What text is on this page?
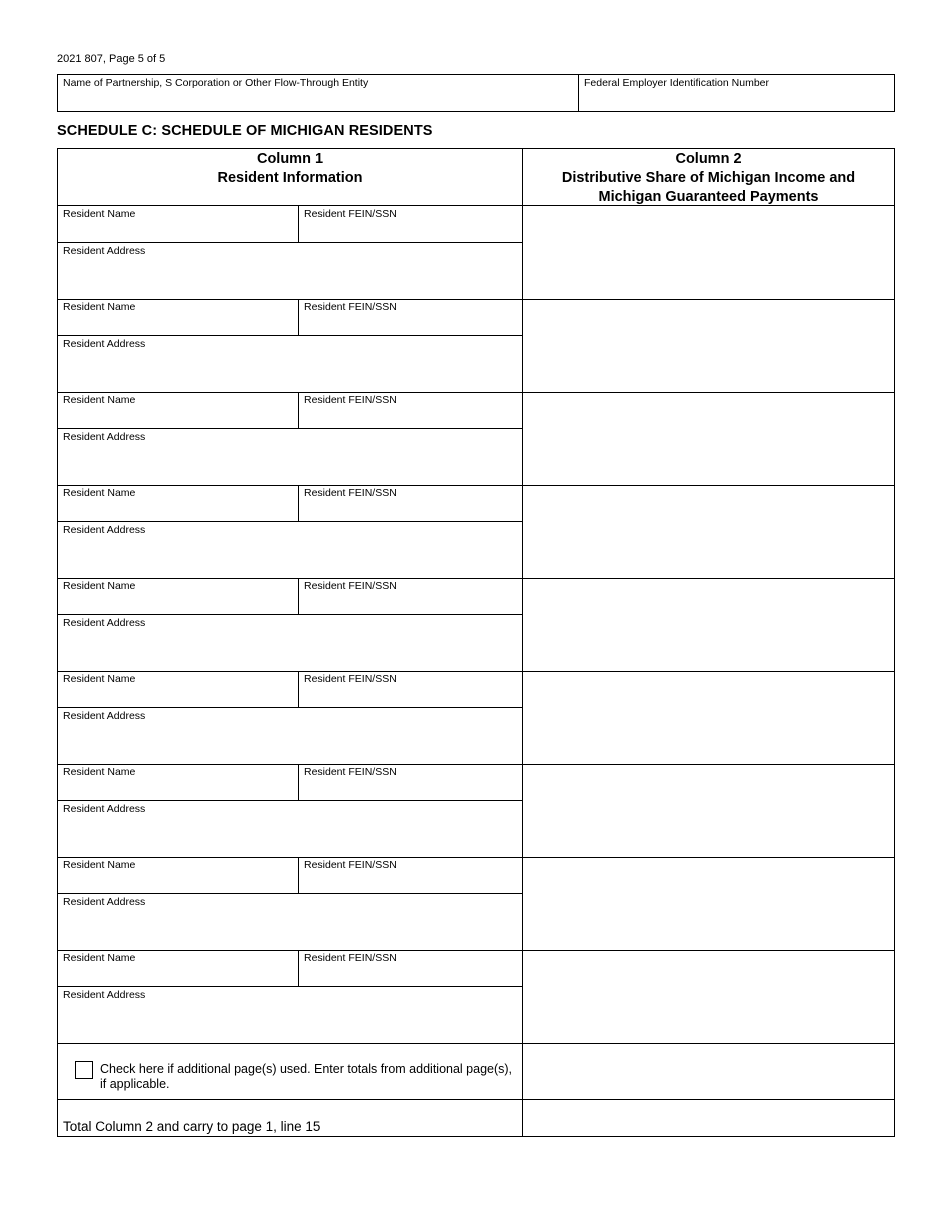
2021 807, Page 5 of 5
Name of Partnership, S Corporation or Other Flow-Through Entity	Federal Employer Identification Number
SCHEDULE C: SCHEDULE OF MICHIGAN RESIDENTS
Column 1
Resident Information
Column 2
Distributive Share of Michigan Income and
Michigan Guaranteed Payments
Check here if additional page(s) used. Enter totals from additional page(s), if applicable.
Total Column 2 and carry to page 1, line 15
Resident Name	Resident FEIN/SSN
Resident Address
Resident Name	Resident FEIN/SSN
Resident Address
Resident Name	Resident FEIN/SSN
Resident Address
Resident Name	Resident FEIN/SSN
Resident Address
Resident Name	Resident FEIN/SSN
Resident Address
Resident Name	Resident FEIN/SSN
Resident Address
Resident Name	Resident FEIN/SSN
Resident Address
Resident Name	Resident FEIN/SSN
Resident Address
Resident Name	Resident FEIN/SSN
Resident Address
